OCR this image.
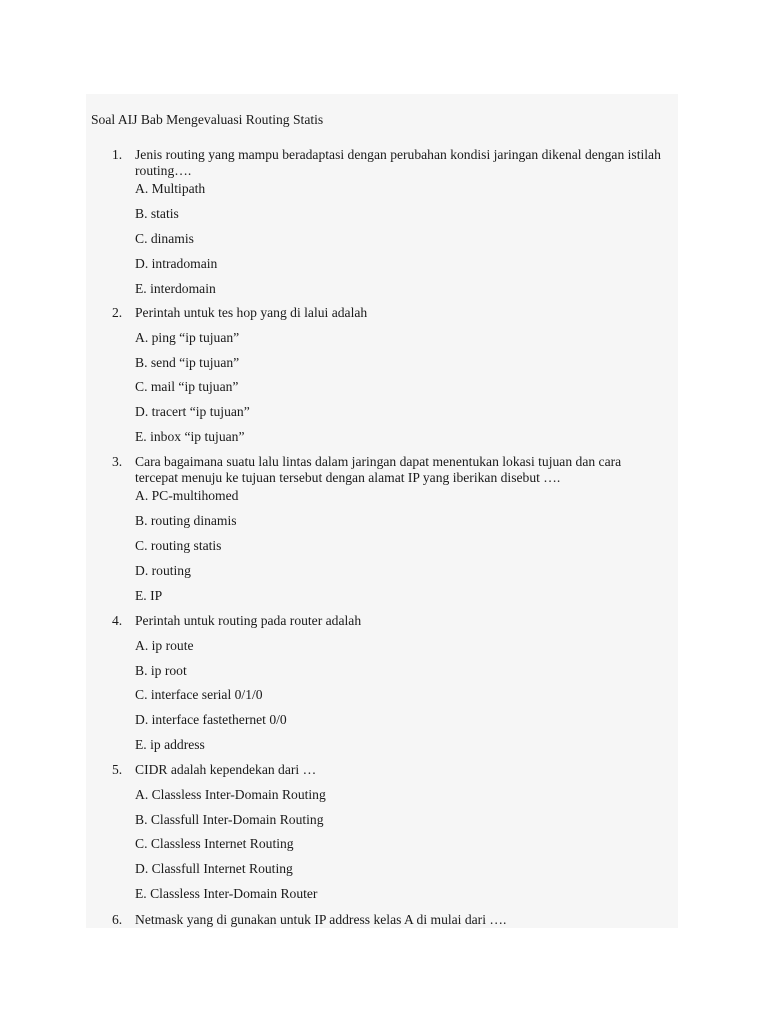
Soal AIJ Bab Mengevaluasi Routing Statis
1. Jenis routing yang mampu beradaptasi dengan perubahan kondisi jaringan dikenal dengan istilah routing….
A. Multipath
B. statis
C. dinamis
D. intradomain
E. interdomain
2. Perintah untuk tes hop yang di lalui adalah
A. ping “ip tujuan”
B. send “ip tujuan”
C. mail “ip tujuan”
D. tracert “ip tujuan”
E. inbox “ip tujuan”
3. Cara bagaimana suatu lalu lintas dalam jaringan dapat menentukan lokasi tujuan dan cara tercepat menuju ke tujuan tersebut dengan alamat IP yang iberikan disebut ….
A. PC-multihomed
B. routing dinamis
C. routing statis
D. routing
E. IP
4. Perintah untuk routing pada router adalah
A. ip route
B. ip root
C. interface serial 0/1/0
D. interface fastethernet 0/0
E. ip address
5. CIDR adalah kependekan dari …
A. Classless Inter-Domain Routing
B. Classfull Inter-Domain Routing
C. Classless Internet Routing
D. Classfull Internet Routing
E. Classless Inter-Domain Router
6. Netmask yang di gunakan untuk IP address kelas A di mulai dari ….
